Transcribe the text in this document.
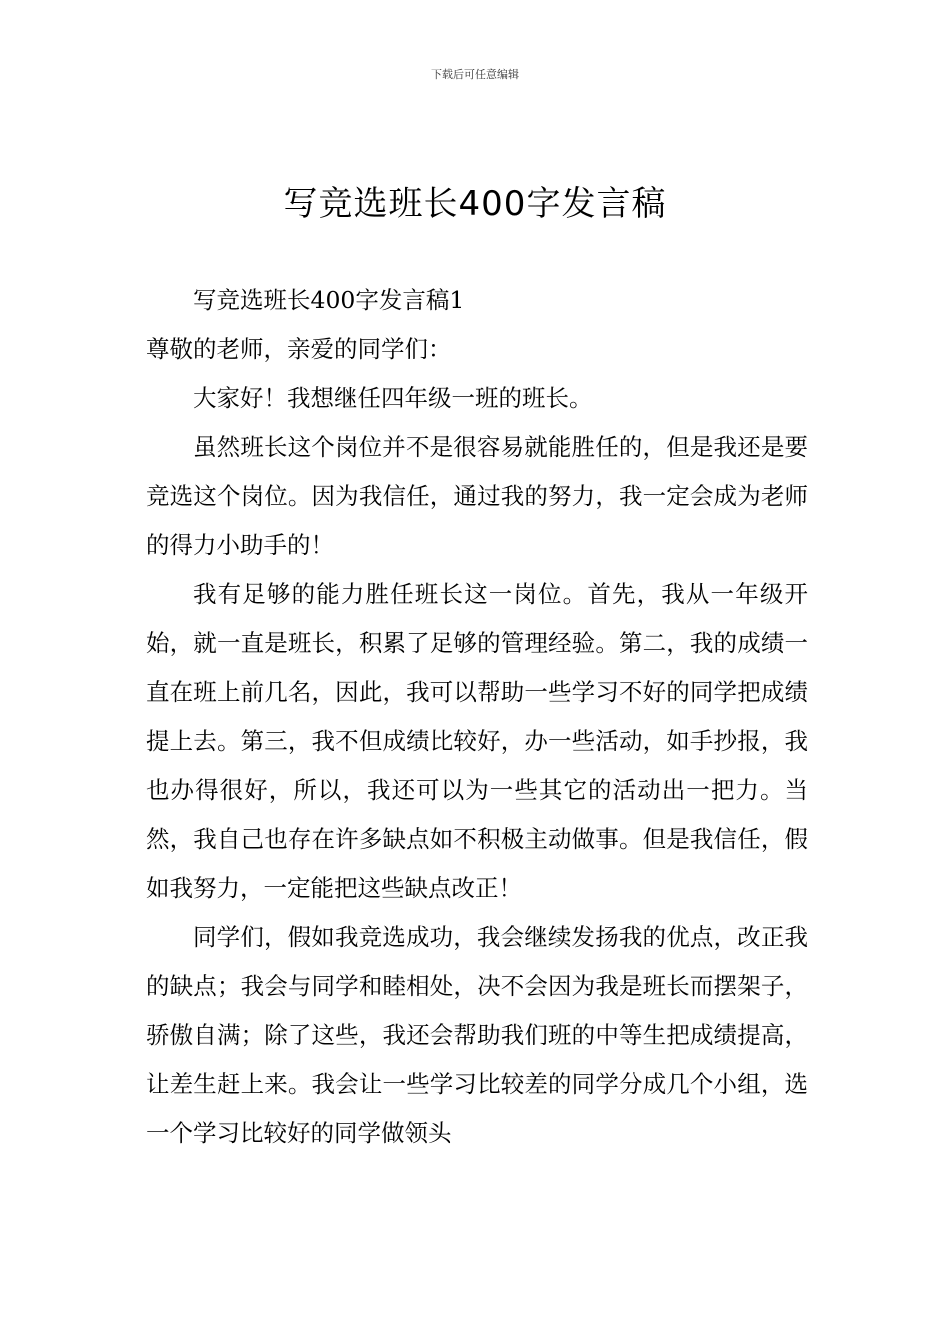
下载后可任意编辑
写竞选班长400字发言稿

写竞选班长400字发言稿1

尊敬的老师，亲爱的同学们：

大家好！我想继任四年级一班的班长。

虽然班长这个岗位并不是很容易就能胜任的，但是我还是要竞选这个岗位。因为我信任，通过我的努力，我一定会成为老师的得力小助手的！

我有足够的能力胜任班长这一岗位。首先，我从一年级开始，就一直是班长，积累了足够的管理经验。第二，我的成绩一直在班上前几名，因此，我可以帮助一些学习不好的同学把成绩提上去。第三，我不但成绩比较好，办一些活动，如手抄报，我也办得很好，所以，我还可以为一些其它的活动出一把力。当然，我自己也存在许多缺点如不积极主动做事。但是我信任，假如我努力，一定能把这些缺点改正！

同学们，假如我竞选成功，我会继续发扬我的优点，改正我的缺点；我会与同学和睦相处，决不会因为我是班长而摆架子，骄傲自满；除了这些，我还会帮助我们班的中等生把成绩提高，让差生赶上来。我会让一些学习比较差的同学分成几个小组，选一个学习比较好的同学做领头
